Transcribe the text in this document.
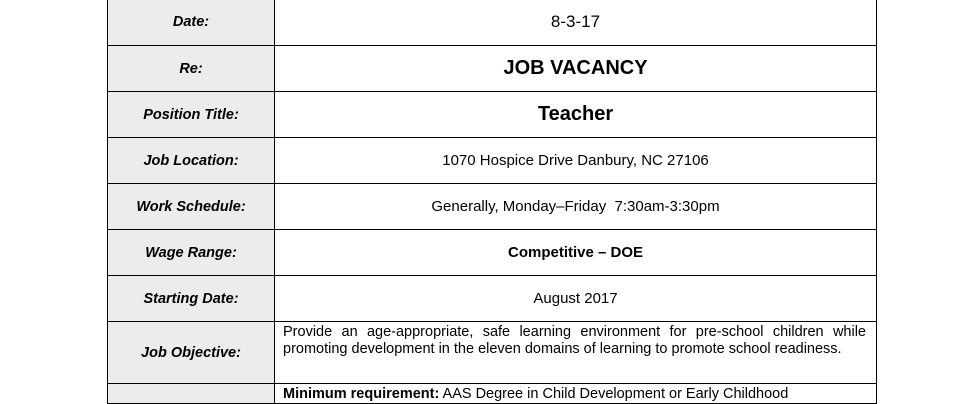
Date:	8-3-17
Re:	JOB VACANCY
Position Title:	Teacher
Job Location:	1070 Hospice Drive Danbury, NC 27106
Work Schedule:	Generally, Monday–Friday  7:30am-3:30pm
Wage Range:	Competitive – DOE
Starting Date:	August 2017
Job Objective:	Provide an age-appropriate, safe learning environment for pre-school children while promoting development in the eleven domains of learning to promote school readiness.

	Minimum requirement: AAS Degree in Child Development or Early Childhood
